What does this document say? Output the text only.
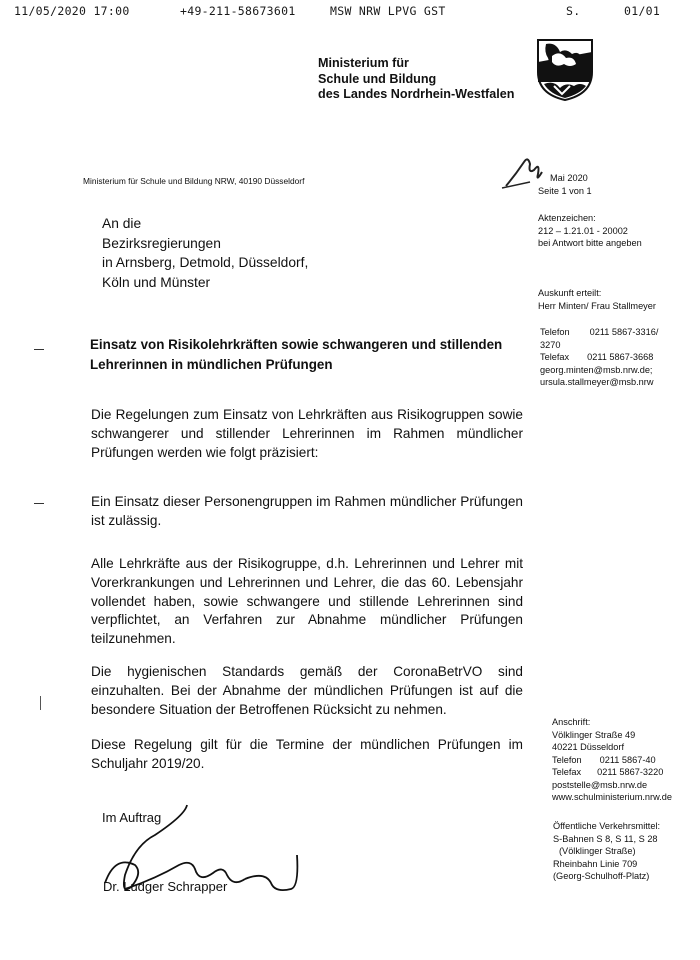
11/05/2020 17:00	+49-211-58673601	MSW NRW LPVG GST	S.	01/01
Ministerium für
Schule und Bildung
des Landes Nordrhein-Westfalen
Ministerium für Schule und Bildung NRW, 40190 Düsseldorf	Mai 2020
Seite 1 von 1
An die
Bezirksregierungen
in Arnsberg, Detmold, Düsseldorf,
Köln und Münster
Aktenzeichen:
212 – 1.21.01 - 20002
bei Antwort bitte angeben
Auskunft erteilt:
Herr Minten/ Frau Stallmeyer
Telefon 0211 5867-3316/
3270
Telefax 0211 5867-3668
georg.minten@msb.nrw.de;
ursula.stallmeyer@msb.nrw
Einsatz von Risikolehrkräften sowie schwangeren und stillenden
Lehrerinnen in mündlichen Prüfungen
Die Regelungen zum Einsatz von Lehrkräften aus Risikogruppen sowie schwangerer und stillender Lehrerinnen im Rahmen mündlicher Prüfungen werden wie folgt präzisiert:
Ein Einsatz dieser Personengruppen im Rahmen mündlicher Prüfungen ist zulässig.
Alle Lehrkräfte aus der Risikogruppe, d.h. Lehrerinnen und Lehrer mit Vorerkrankungen und Lehrerinnen und Lehrer, die das 60. Lebensjahr vollendet haben, sowie schwangere und stillende Lehrerinnen sind verpflichtet, an Verfahren zur Abnahme mündlicher Prüfungen teilzunehmen.
Die hygienischen Standards gemäß der CoronaBetrVO sind einzuhalten. Bei der Abnahme der mündlichen Prüfungen ist auf die besondere Situation der Betroffenen Rücksicht zu nehmen.
Diese Regelung gilt für die Termine der mündlichen Prüfungen im Schuljahr 2019/20.
Im Auftrag
Dr. Ludger Schrapper
Anschrift:
Völklinger Straße 49
40221 Düsseldorf
Telefon 0211 5867-40
Telefax 0211 5867-3220
poststelle@msb.nrw.de
www.schulministerium.nrw.de
Öffentliche Verkehrsmittel:
S-Bahnen S 8, S 11, S 28
(Völklinger Straße)
Rheinbahn Linie 709
(Georg-Schulhoff-Platz)
